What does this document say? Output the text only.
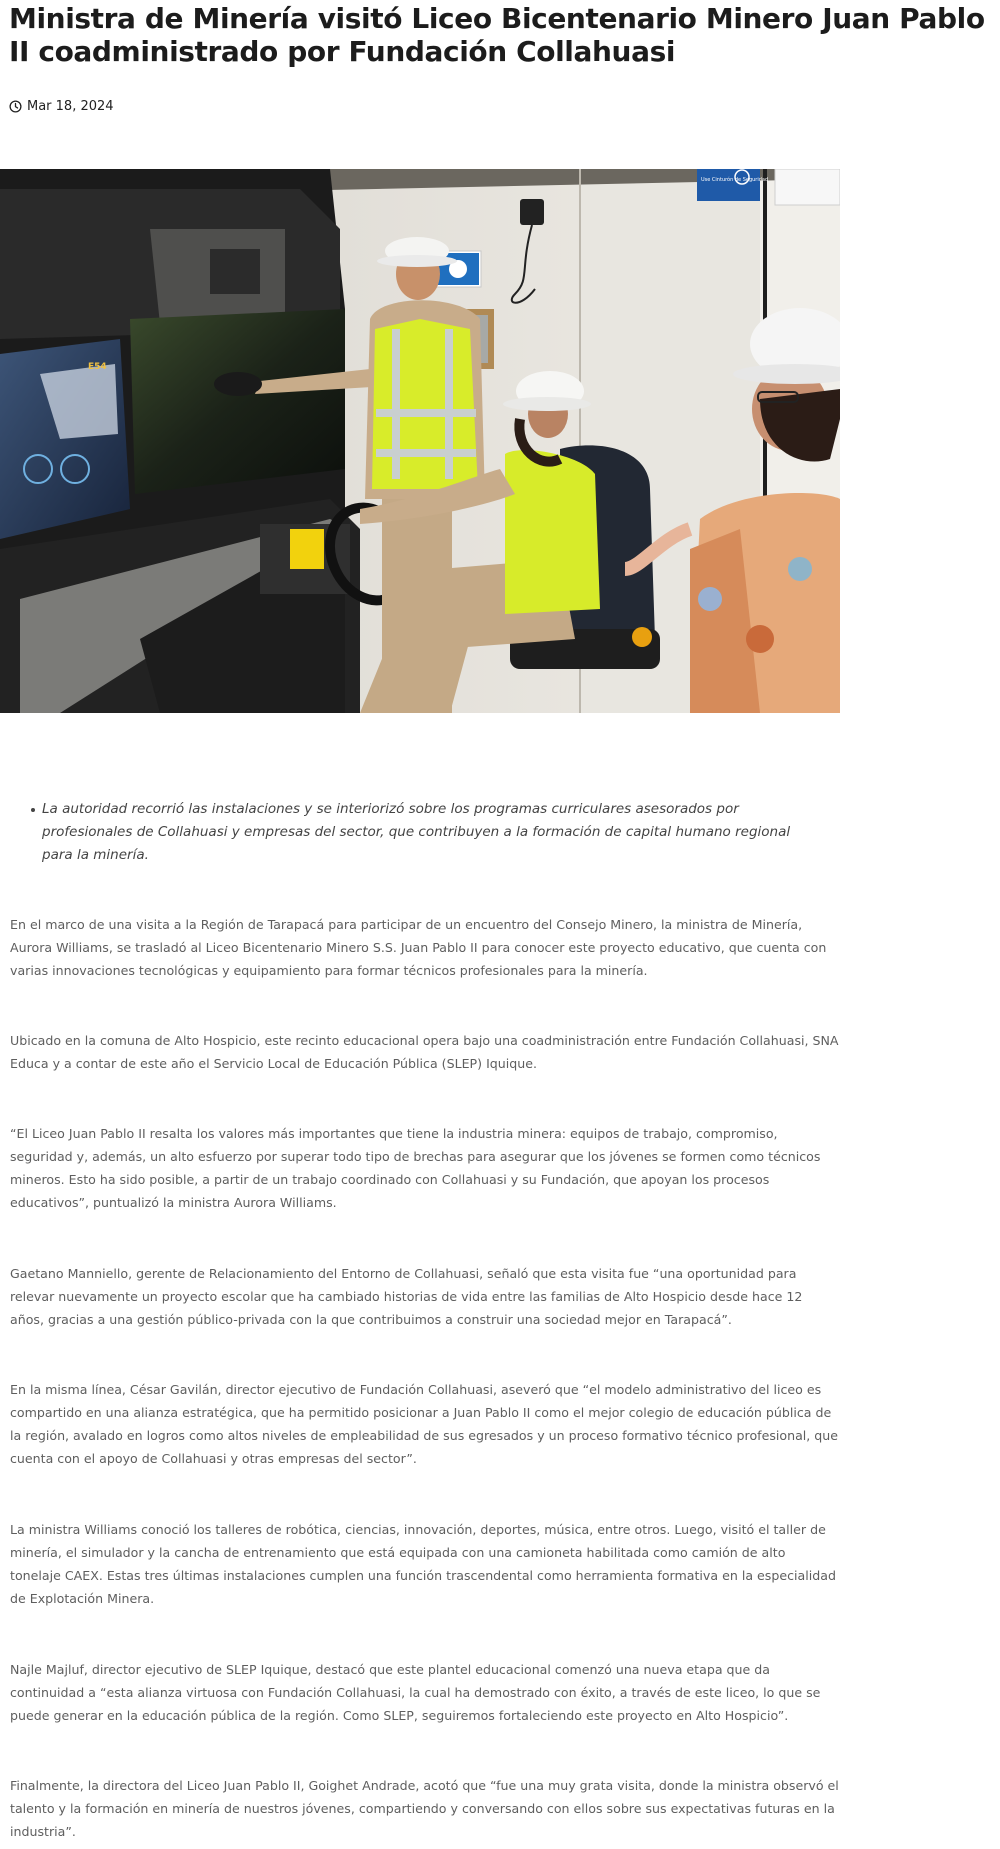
Ministra de Minería visitó Liceo Bicentenario Minero Juan Pablo II coadministrado por Fundación Collahuasi
Mar 18, 2024
Use Cinturón de Seguridad
E54
La autoridad recorrió las instalaciones y se interiorizó sobre los programas curriculares asesorados por profesionales de Collahuasi y empresas del sector, que contribuyen a la formación de capital humano regional para la minería.

En el marco de una visita a la Región de Tarapacá para participar de un encuentro del Consejo Minero, la ministra de Minería, Aurora Williams, se trasladó al Liceo Bicentenario Minero S.S. Juan Pablo II para conocer este proyecto educativo, que cuenta con varias innovaciones tecnológicas y equipamiento para formar técnicos profesionales para la minería.

Ubicado en la comuna de Alto Hospicio, este recinto educacional opera bajo una coadministración entre Fundación Collahuasi, SNA Educa y a contar de este año el Servicio Local de Educación Pública (SLEP) Iquique.

“El Liceo Juan Pablo II resalta los valores más importantes que tiene la industria minera: equipos de trabajo, compromiso, seguridad y, además, un alto esfuerzo por superar todo tipo de brechas para asegurar que los jóvenes se formen como técnicos mineros. Esto ha sido posible, a partir de un trabajo coordinado con Collahuasi y su Fundación, que apoyan los procesos educativos”, puntualizó la ministra Aurora Williams.

Gaetano Manniello, gerente de Relacionamiento del Entorno de Collahuasi, señaló que esta visita fue “una oportunidad para relevar nuevamente un proyecto escolar que ha cambiado historias de vida entre las familias de Alto Hospicio desde hace 12 años, gracias a una gestión público-privada con la que contribuimos a construir una sociedad mejor en Tarapacá”.

En la misma línea, César Gavilán, director ejecutivo de Fundación Collahuasi, aseveró que “el modelo administrativo del liceo es compartido en una alianza estratégica, que ha permitido posicionar a Juan Pablo II como el mejor colegio de educación pública de la región, avalado en logros como altos niveles de empleabilidad de sus egresados y un proceso formativo técnico profesional, que cuenta con el apoyo de Collahuasi y otras empresas del sector”.

La ministra Williams conoció los talleres de robótica, ciencias, innovación, deportes, música, entre otros. Luego, visitó el taller de minería, el simulador y la cancha de entrenamiento que está equipada con una camioneta habilitada como camión de alto tonelaje CAEX. Estas tres últimas instalaciones cumplen una función trascendental como herramienta formativa en la especialidad de Explotación Minera.

Najle Majluf, director ejecutivo de SLEP Iquique, destacó que este plantel educacional comenzó una nueva etapa que da continuidad a “esta alianza virtuosa con Fundación Collahuasi, la cual ha demostrado con éxito, a través de este liceo, lo que se puede generar en la educación pública de la región. Como SLEP, seguiremos fortaleciendo este proyecto en Alto Hospicio”.

Finalmente, la directora del Liceo Juan Pablo II, Goighet Andrade, acotó que “fue una muy grata visita, donde la ministra observó el talento y la formación en minería de nuestros jóvenes, compartiendo y conversando con ellos sobre sus expectativas futuras en la industria”.
